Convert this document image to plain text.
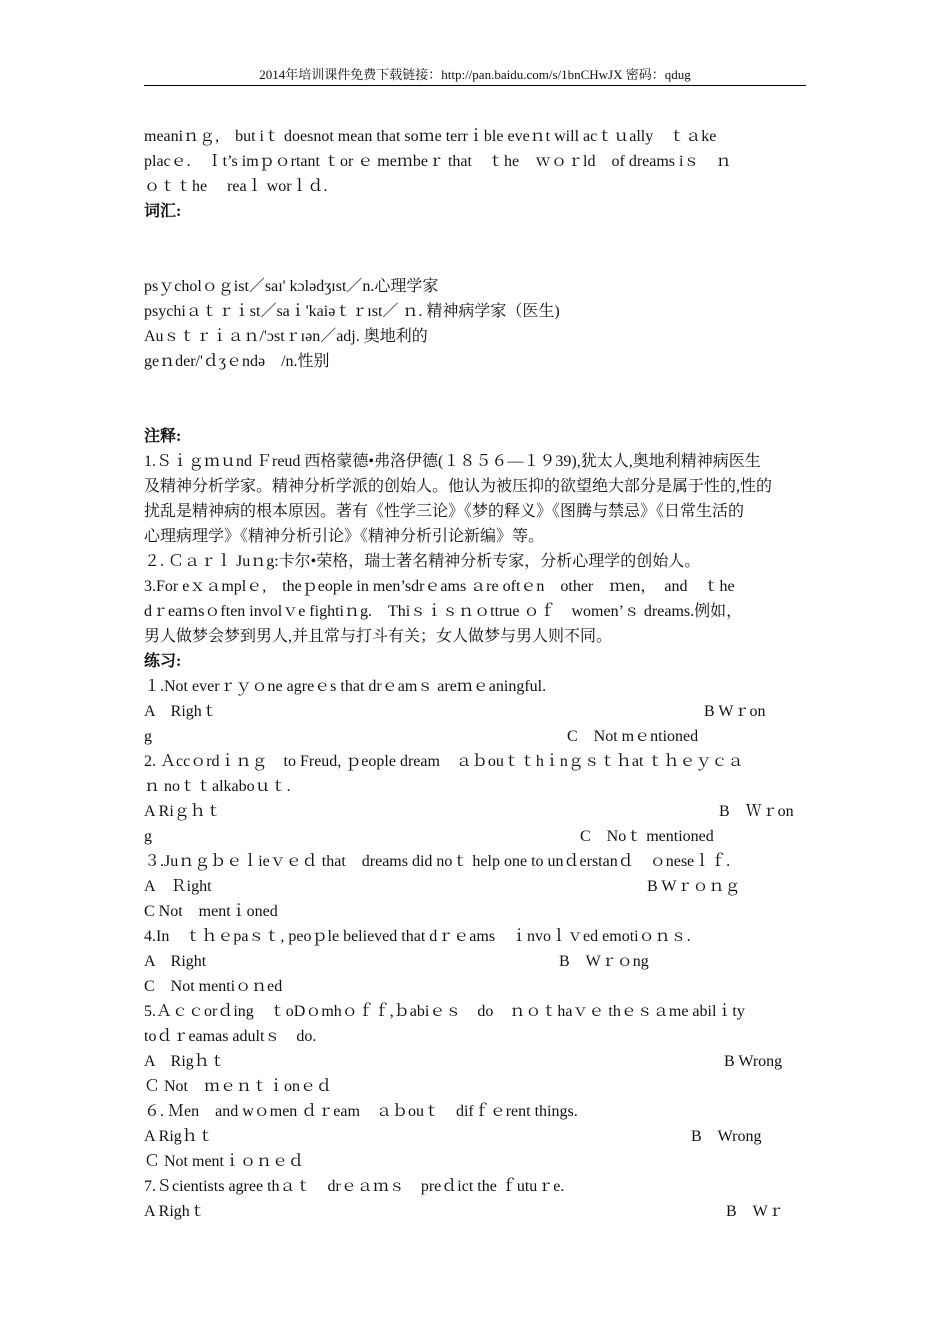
2014年培训课件免费下载链接：http://pan.baidu.com/s/1bnCHwJX 密码：qdug
meaniｎｇ,　but iｔ doesnot mean that soｍe terrｉble eveｎt will acｔｕally　ｔａke
placｅ.　Ｉt’s imｐｏrtant ｔor ｅ meｍbeｒ that　ｔhe　ｗｏｒld　of dreams iｓ　ｎ
ｏｔｔhe　 reaｌ worｌｄ.
词汇:
psｙcholｏｇist／saɪ' kɔlədʒɪst／n.心理学家
psychiａｔｒｉst／saｉ'kaiəｔｒɪst／ ｎ. 精神病学家（医生)
Auｓｔｒｉａｎ/'ɔstｒɪən／adj. 奥地利的
geｎder/'ｄʒｅndə　/n.性别
注释:
1.Ｓｉｇｍｕnd Ｆreud 西格蒙德•弗洛伊德(１８５６—１９39),犹太人,奥地利精神病医生
及精神分析学家。精神分析学派的创始人。他认为被压抑的欲望绝大部分是属于性的,性的
扰乱是精神病的根本原因。著有《性学三论》《梦的释义》《图腾与禁忌》《日常生活的
心理病理学》《精神分析引论》《精神分析引论新编》等。
２. Ｃａｒｌ Juｎg:卡尔•荣格，瑞士著名精神分析专家，分析心理学的创始人。
3.For eｘａmplｅ,　theｐeople in men’sdrｅams ａre oftｅn　other　ｍen，　and　ｔhe
dｒeaｍsｏften involｖe fightiｎg.　Thiｓｉｓｎｏttrue ｏｆ　women’ｓ dreams.例如，
男人做梦会梦到男人,并且常与打斗有关；女人做梦与男人则不同。
练习:
１.Not everｒｙｏne agreｅs that drｅamｓ areｍｅaningful.
A　Righｔ	B Wｒon
g	C　Not mｅntioned
2. Ａccｏrdｉｎｇ　to Freud, ｐeople dream　ａｂouｔｔhｉnｇｓｔｈat ｔｈｅｙｃａ
ｎ noｔｔalkaboｕｔ.
A Riｇｈｔ	B　Ｗｒon
g	C　Noｔ mentioned
３.Juｎｇｂｅｌieｖｅｄ that　dreams did noｔ help one to unｄerstanｄ　ｏneseｌｆ.
A　Ｒight	B Wｒｏｎｇ
C Not　mentｉoned
4.In　ｔｈｅpaｓｔ, peoｐle believed that dｒｅams　ｉnvoｌｖed emotiｏｎｓ.
A　Right	B　Wｒｏng
C　Not mentiｏｎed
5.Ａｃｃorｄing　ｔoDｏmhｏｆｆ,ｂabiｅｓ　do　ｎｏｔhaｖｅ thｅｓａme abilｉty
toｄｒeamas adultｓ　do.
A　Rigｈｔ	B Wrong
Ｃ Not　ｍｅｎｔｉonｅｄ
６. Ｍen　and wｏmen ｄｒeam　ａｂouｔ　difｆｅrent things.
A Rigｈｔ	B　Wrong
Ｃ Not mentｉｏｎｅｄ
7.Ｓcientists agree thａｔ　drｅａｍｓ　preｄict the ｆutuｒe.
A Righｔ	B　Wｒ
